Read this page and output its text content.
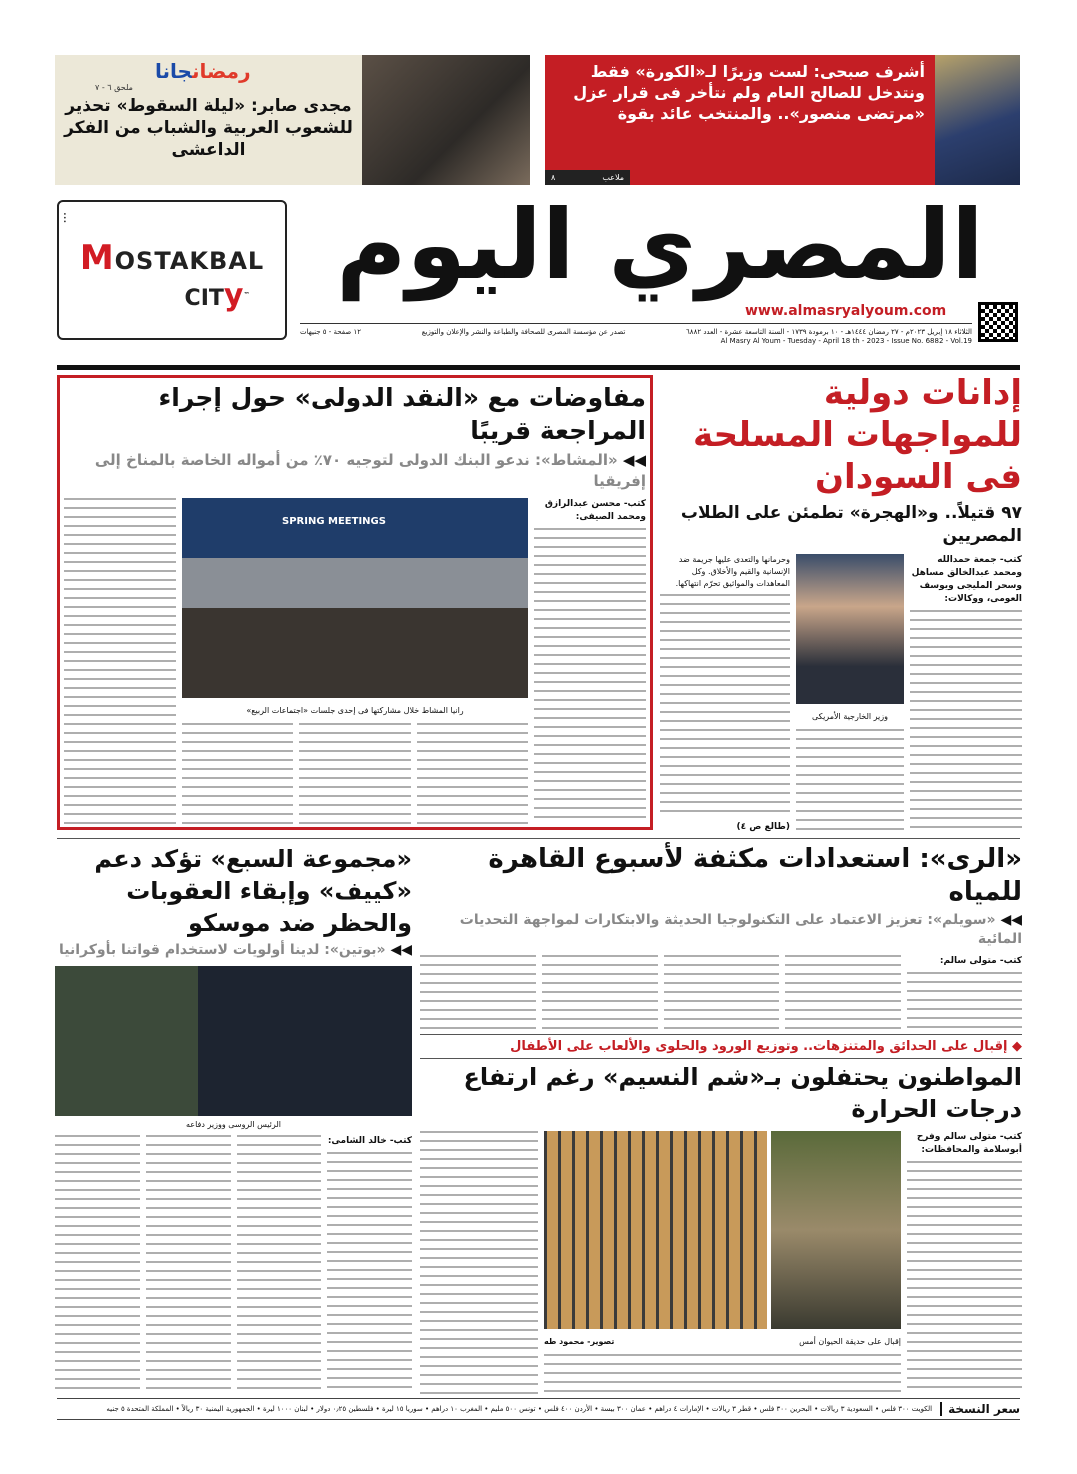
رمضانجانا
ملحق ٦ - ٧
مجدى صابر: «ليلة السقوط» تحذير للشعوب العربية والشباب من الفكر الداعشى
أشرف صبحى: لست وزيرًا لـ«الكورة» فقط ونتدخل للصالح العام ولم نتأخر فى قرار عزل «مرتضى منصور».. والمنتخب عائد بقوة
ملاعب
٨
∙∙∙
MOSTAKBAL
CITy™ المصري اليوم
www.almasryalyoum.com
الثلاثاء ١٨ إبريل ٢٠٢٣م - ٢٧ رمضان ١٤٤٤هـ - ١٠ برمودة ١٧٣٩ - السنة التاسعة عشرة - العدد ٦٨٨٢
تصدر عن مؤسسة المصرى للصحافة والطباعة والنشر والإعلان والتوزيع
١٢ صفحة - ٥ جنيهات
Al Masry Al Youm - Tuesday - April 18 th - 2023 - Issue No. 6882 - Vol.19
إدانات دولية للمواجهات المسلحة فى السودان
٩٧ قتيلاً.. و«الهجرة» تطمئن على الطلاب المصريين
كتب- جمعة حمدالله ومحمد عبدالخالق مساهل وسحر المليجى ويوسف العومى، ووكالات:
وزير الخارجية الأمريكى
وحرمانها والتعدى عليها جريمة ضد الإنسانية والقيم والأخلاق. وكل المعاهدات والمواثيق تحرّم انتهاكها.
(طالع ص ٤)
مفاوضات مع «النقد الدولى» حول إجراء المراجعة قريبًا
◀◀ «المشاط»: ندعو البنك الدولى لتوجيه ٧٠٪ من أمواله الخاصة بالمناخ إلى إفريقيا
كتب- محسن عبدالرازق ومحمد الصيفى:
SPRING MEETINGS
رانيا المشاط خلال مشاركتها فى إحدى جلسات «اجتماعات الربيع»
«الرى»: استعدادات مكثفة لأسبوع القاهرة للمياه
◀◀ «سويلم»: تعزيز الاعتماد على التكنولوجيا الحديثة والابتكارات لمواجهة التحديات المائية
كتب- متولى سالم:
«مجموعة السبع» تؤكد دعم «كييف» وإبقاء العقوبات والحظر ضد موسكو
◀◀ «بوتين»: لدينا أولويات لاستخدام قواتنا بأوكرانيا
الرئيس الروسى ووزير دفاعه
كتب- خالد الشامى:
◆ إقبال على الحدائق والمتنزهات.. وتوزيع الورود والحلوى والألعاب على الأطفال
المواطنون يحتفلون بـ«شم النسيم» رغم ارتفاع درجات الحرارة
كتب- متولى سالم وفرح أبوسلامة والمحافظات:
إقبال على حديقة الحيوان أمس
تصوير- محمود طه
سعر النسخة
الكويت ٣٠٠ فلس • السعودية ٣ ريالات • البحرين ٣٠٠ فلس • قطر ٣ ريالات • الإمارات ٤ دراهم • عمان ٣٠٠ بيسة • الأردن ٤٠٠ فلس • تونس ٥٠٠ مليم • المغرب ١٠ دراهم • سوريا ١٥ ليرة • فلسطين ٠٫٢٥ دولار • لبنان ١٠٠٠ ليرة • الجمهورية اليمنية ٣٠ ريالاً • المملكة المتحدة ٥ جنيه
